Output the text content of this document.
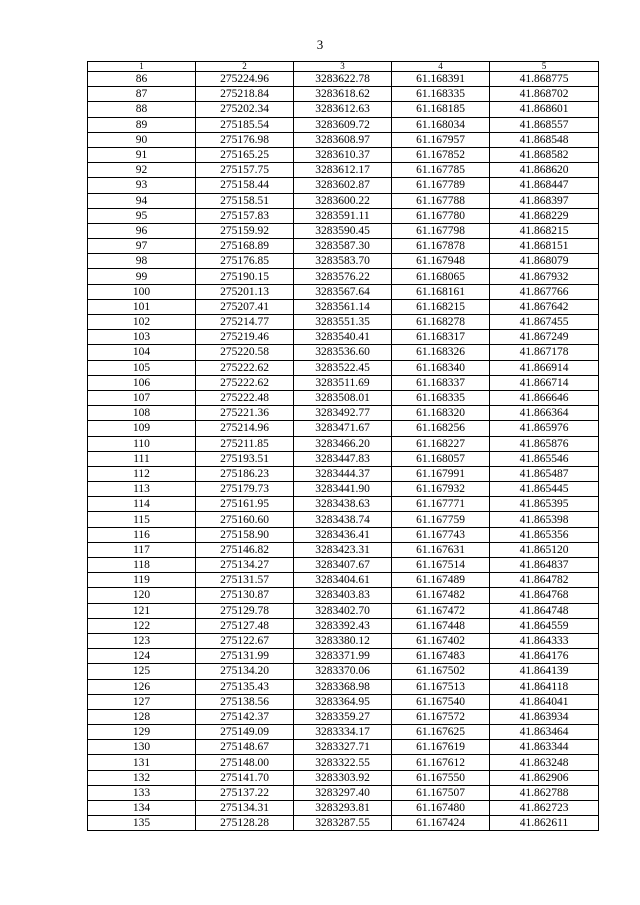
3
1	2	3	4	5
86	275224.96	3283622.78	61.168391	41.868775
87	275218.84	3283618.62	61.168335	41.868702
88	275202.34	3283612.63	61.168185	41.868601
89	275185.54	3283609.72	61.168034	41.868557
90	275176.98	3283608.97	61.167957	41.868548
91	275165.25	3283610.37	61.167852	41.868582
92	275157.75	3283612.17	61.167785	41.868620
93	275158.44	3283602.87	61.167789	41.868447
94	275158.51	3283600.22	61.167788	41.868397
95	275157.83	3283591.11	61.167780	41.868229
96	275159.92	3283590.45	61.167798	41.868215
97	275168.89	3283587.30	61.167878	41.868151
98	275176.85	3283583.70	61.167948	41.868079
99	275190.15	3283576.22	61.168065	41.867932
100	275201.13	3283567.64	61.168161	41.867766
101	275207.41	3283561.14	61.168215	41.867642
102	275214.77	3283551.35	61.168278	41.867455
103	275219.46	3283540.41	61.168317	41.867249
104	275220.58	3283536.60	61.168326	41.867178
105	275222.62	3283522.45	61.168340	41.866914
106	275222.62	3283511.69	61.168337	41.866714
107	275222.48	3283508.01	61.168335	41.866646
108	275221.36	3283492.77	61.168320	41.866364
109	275214.96	3283471.67	61.168256	41.865976
110	275211.85	3283466.20	61.168227	41.865876
111	275193.51	3283447.83	61.168057	41.865546
112	275186.23	3283444.37	61.167991	41.865487
113	275179.73	3283441.90	61.167932	41.865445
114	275161.95	3283438.63	61.167771	41.865395
115	275160.60	3283438.74	61.167759	41.865398
116	275158.90	3283436.41	61.167743	41.865356
117	275146.82	3283423.31	61.167631	41.865120
118	275134.27	3283407.67	61.167514	41.864837
119	275131.57	3283404.61	61.167489	41.864782
120	275130.87	3283403.83	61.167482	41.864768
121	275129.78	3283402.70	61.167472	41.864748
122	275127.48	3283392.43	61.167448	41.864559
123	275122.67	3283380.12	61.167402	41.864333
124	275131.99	3283371.99	61.167483	41.864176
125	275134.20	3283370.06	61.167502	41.864139
126	275135.43	3283368.98	61.167513	41.864118
127	275138.56	3283364.95	61.167540	41.864041
128	275142.37	3283359.27	61.167572	41.863934
129	275149.09	3283334.17	61.167625	41.863464
130	275148.67	3283327.71	61.167619	41.863344
131	275148.00	3283322.55	61.167612	41.863248
132	275141.70	3283303.92	61.167550	41.862906
133	275137.22	3283297.40	61.167507	41.862788
134	275134.31	3283293.81	61.167480	41.862723
135	275128.28	3283287.55	61.167424	41.862611
